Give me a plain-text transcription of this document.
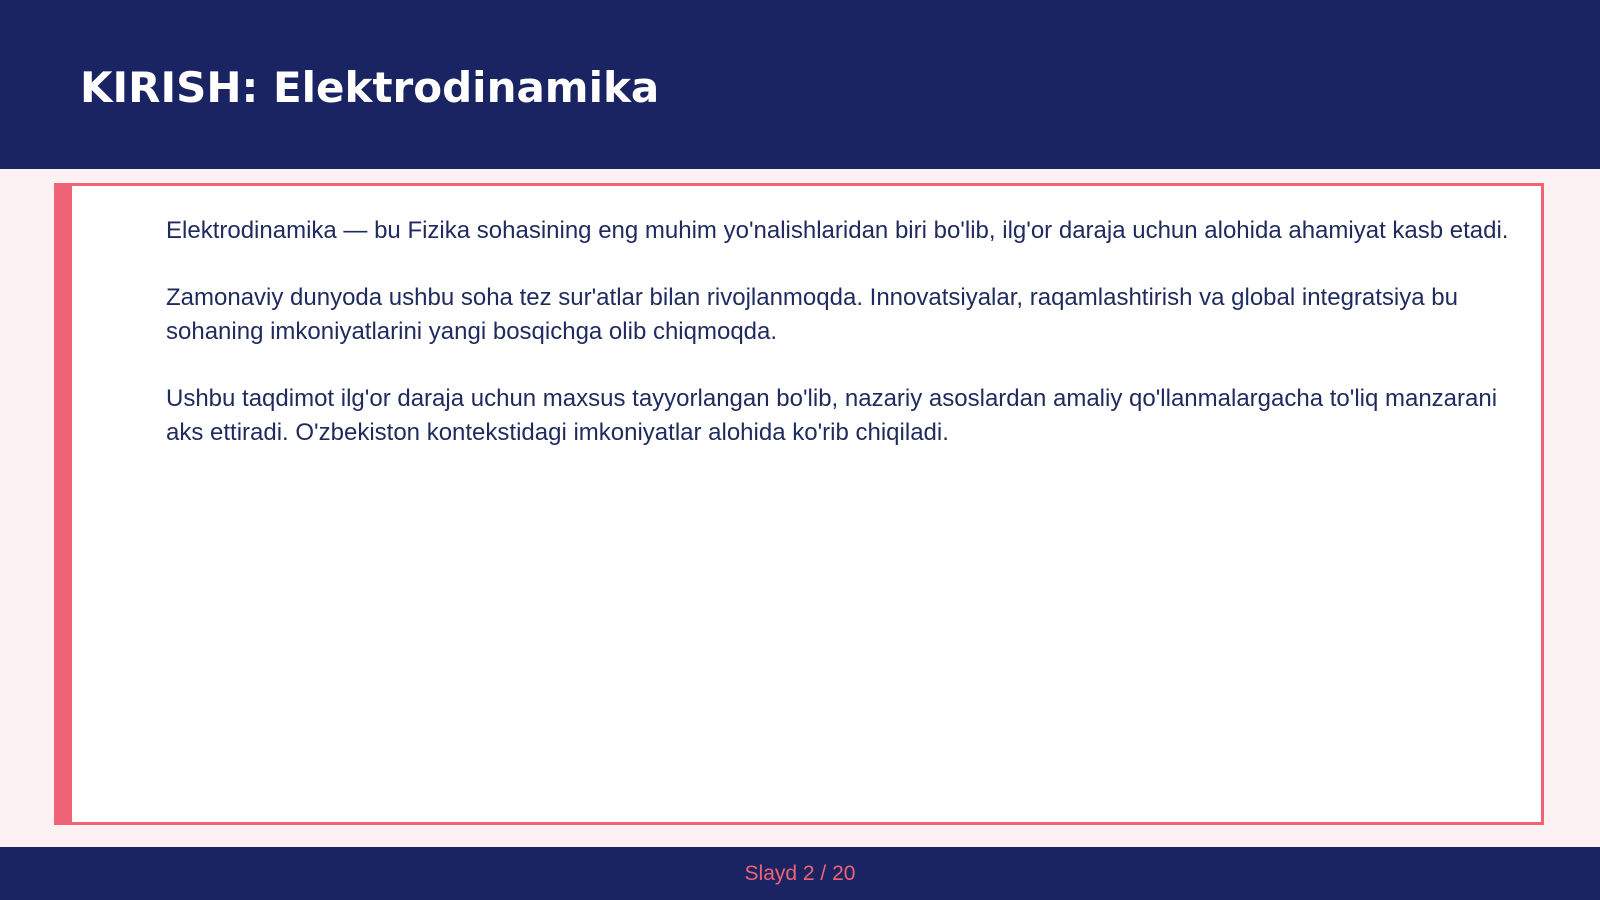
KIRISH: Elektrodinamika

Elektrodinamika — bu Fizika sohasining eng muhim yo'nalishlaridan biri bo'lib, ilg'or daraja uchun alohida ahamiyat kasb etadi.

Zamonaviy dunyoda ushbu soha tez sur'atlar bilan rivojlanmoqda. Innovatsiyalar, raqamlashtirish va global integratsiya bu sohaning imkoniyatlarini yangi bosqichga olib chiqmoqda.

Ushbu taqdimot ilg'or daraja uchun maxsus tayyorlangan bo'lib, nazariy asoslardan amaliy qo'llanmalargacha to'liq manzarani aks ettiradi. O'zbekiston kontekstidagi imkoniyatlar alohida ko'rib chiqiladi.

Slayd 2 / 20
